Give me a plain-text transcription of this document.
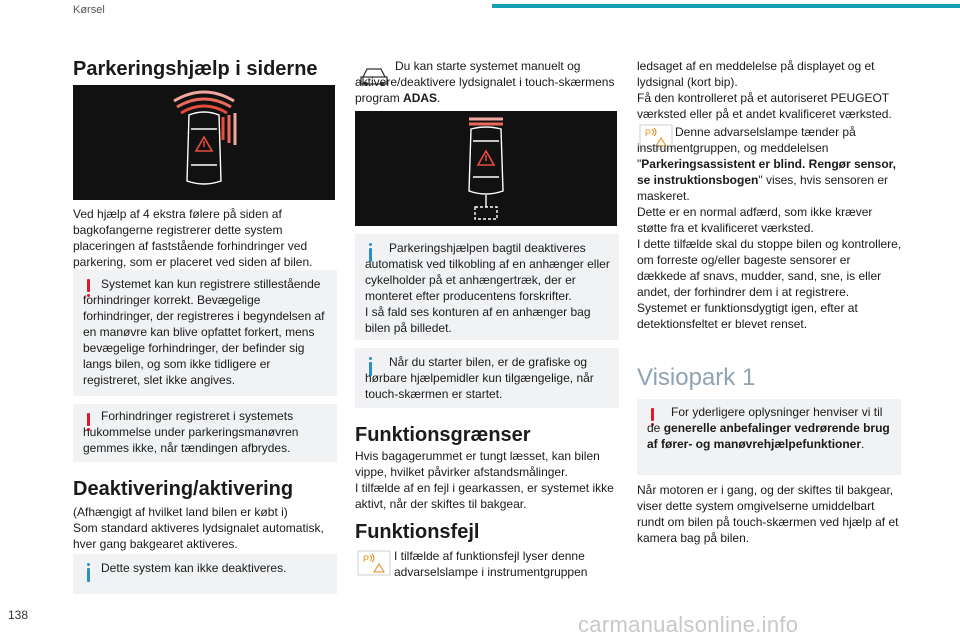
Kørsel
Parkeringshjælp i siderne

Ved hjælp af 4 ekstra følere på siden af bagkofangerne registrerer dette system placeringen af faststående forhindringer ved parkering, som er placeret ved siden af bilen.

Systemet kan kun registrere stillestående forhindringer korrekt. Bevægelige forhindringer, der registreres i begyndelsen af en manøvre kan blive opfattet forkert, mens bevægelige forhindringer, der befinder sig langs bilen, og som ikke tidligere er registreret, slet ikke angives.
Forhindringer registreret i systemets hukommelse under parkeringsmanøvren gemmes ikke, når tændingen afbrydes.
Deaktivering/aktivering

(Afhængigt af hvilket land bilen er købt i)
Som standard aktiveres lydsignalet automatisk, hver gang bakgearet aktiveres.

Dette system kan ikke deaktiveres.

Du kan starte systemet manuelt og aktivere/deaktivere lydsignalet i touch-skærmens program ADAS.

Parkeringshjælpen bagtil deaktiveres automatisk ved tilkobling af en anhænger eller cykelholder på et anhængertræk, der er monteret efter producentens forskrifter.
I så fald ses konturen af en anhænger bag bilen på billedet.
Når du starter bilen, er de grafiske og hørbare hjælpemidler kun tilgængelige, når touch-skærmen er startet.
Funktionsgrænser

Hvis bagagerummet er tungt læsset, kan bilen vippe, hvilket påvirker afstandsmålinger.
I tilfælde af en fejl i gearkassen, er systemet ikke aktivt, når der skiftes til bakgear.

Funktionsfejl
P I tilfælde af funktionsfejl lyser denne advarselslampe i instrumentgruppen

ledsaget af en meddelelse på displayet og et lydsignal (kort bip).
Få den kontrolleret på et autoriseret PEUGEOT værksted eller på et andet kvalificeret værksted.

P	Denne advarselslampe tænder på instrumentgruppen, og meddelelsen "Parkeringsassistent er blind. Rengør sensor, se instruktionsbogen" vises, hvis sensoren er maskeret.

Dette er en normal adfærd, som ikke kræver støtte fra et kvalificeret værksted.
I dette tilfælde skal du stoppe bilen og kontrollere, om forreste og/eller bageste sensorer er dækkede af snavs, mudder, sand, sne, is eller andet, der forhindrer dem i at registrere.
Systemet er funktionsdygtigt igen, efter at detektionsfeltet er blevet renset.

Visiopark 1
For yderligere oplysninger henviser vi til de generelle anbefalinger vedrørende brug af fører- og manøvrehjælpefunktioner.

Når motoren er i gang, og der skiftes til bakgear, viser dette system omgivelserne umiddelbart rundt om bilen på touch-skærmen ved hjælp af et kamera bag på bilen.

138	carmanualsonline.info
